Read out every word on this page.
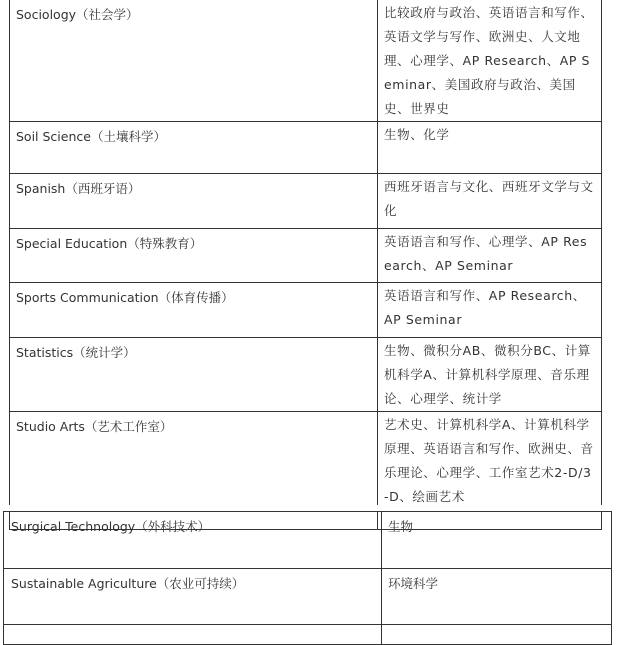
Sociology（社会学）	比较政府与政治、英语语言和写作、英语文学与写作、欧洲史、人文地理、心理学、AP Research、AP Seminar、美国政府与政治、美国史、世界史
Soil Science（土壤科学）	生物、化学
Spanish（西班牙语）	西班牙语言与文化、西班牙文学与文化
Special Education（特殊教育）	英语语言和写作、心理学、AP Research、AP Seminar
Sports Communication（体育传播）	英语语言和写作、AP Research、AP Seminar
Statistics（统计学）	生物、微积分AB、微积分BC、计算机科学A、计算机科学原理、音乐理论、心理学、统计学
Studio Arts（艺术工作室）	艺术史、计算机科学A、计算机科学原理、英语语言和写作、欧洲史、音乐理论、心理学、工作室艺术2-D/3-D、绘画艺术

Surgical Technology（外科技术）	生物
Sustainable Agriculture（农业可持续）	环境科学
